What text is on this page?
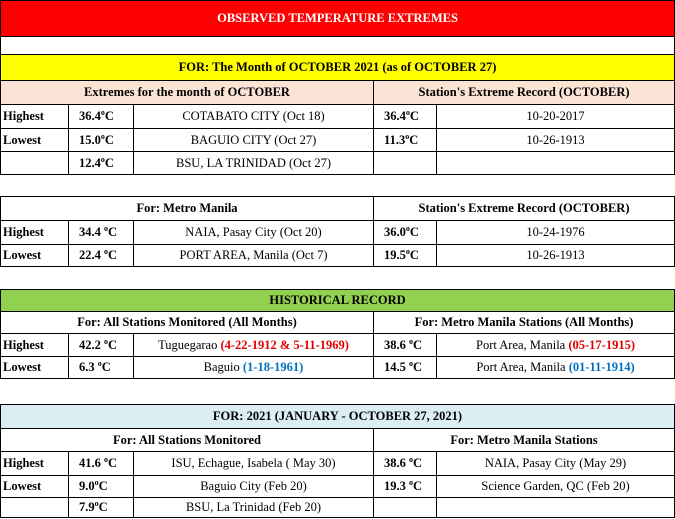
OBSERVED TEMPERATURE EXTREMES

FOR: The Month of OCTOBER 2021 (as of OCTOBER 27)
Extremes for the month of OCTOBER			Station's Extreme Record (OCTOBER)	
Highest	36.4$^o$C	COTABATO CITY (Oct 18)	36.4$^o$C	10-20-2017
Lowest	15.0$^o$C	BAGUIO CITY (Oct 27)	11.3$^o$C	10-26-1913
	12.4$^o$C	BSU, LA TRINIDAD (Oct 27)		
For: Metro Manila			Station's Extreme Record (OCTOBER)	
Highest	34.4 $^o$C	NAIA, Pasay City (Oct 20)	36.0$^o$C	10-24-1976
Lowest	22.4 $^o$C	PORT AREA, Manila (Oct 7)	19.5$^o$C	10-26-1913
HISTORICAL RECORD				
For: All Stations Monitored (All Months)			For: Metro Manila Stations (All Months)	
Highest	42.2 $^o$C	Tuguegarao (4-22-1912 & 5-11-1969)	38.6 $^o$C	Port Area, Manila (05-17-1915)
Lowest	6.3 $^o$C	Baguio (1-18-1961)	14.5 $^o$C	Port Area, Manila (01-11-1914)
FOR: 2021 (JANUARY - OCTOBER 27, 2021)				
For: All Stations Monitored			For: Metro Manila Stations	
Highest	41.6 $^o$C	ISU, Echague, Isabela ( May 30)	38.6 $^o$C	NAIA, Pasay City (May 29)
Lowest	9.0$^o$C	Baguio City (Feb 20)	19.3 $^o$C	Science Garden, QC (Feb 20)
	7.9$^o$C	BSU, La Trinidad (Feb 20)		
